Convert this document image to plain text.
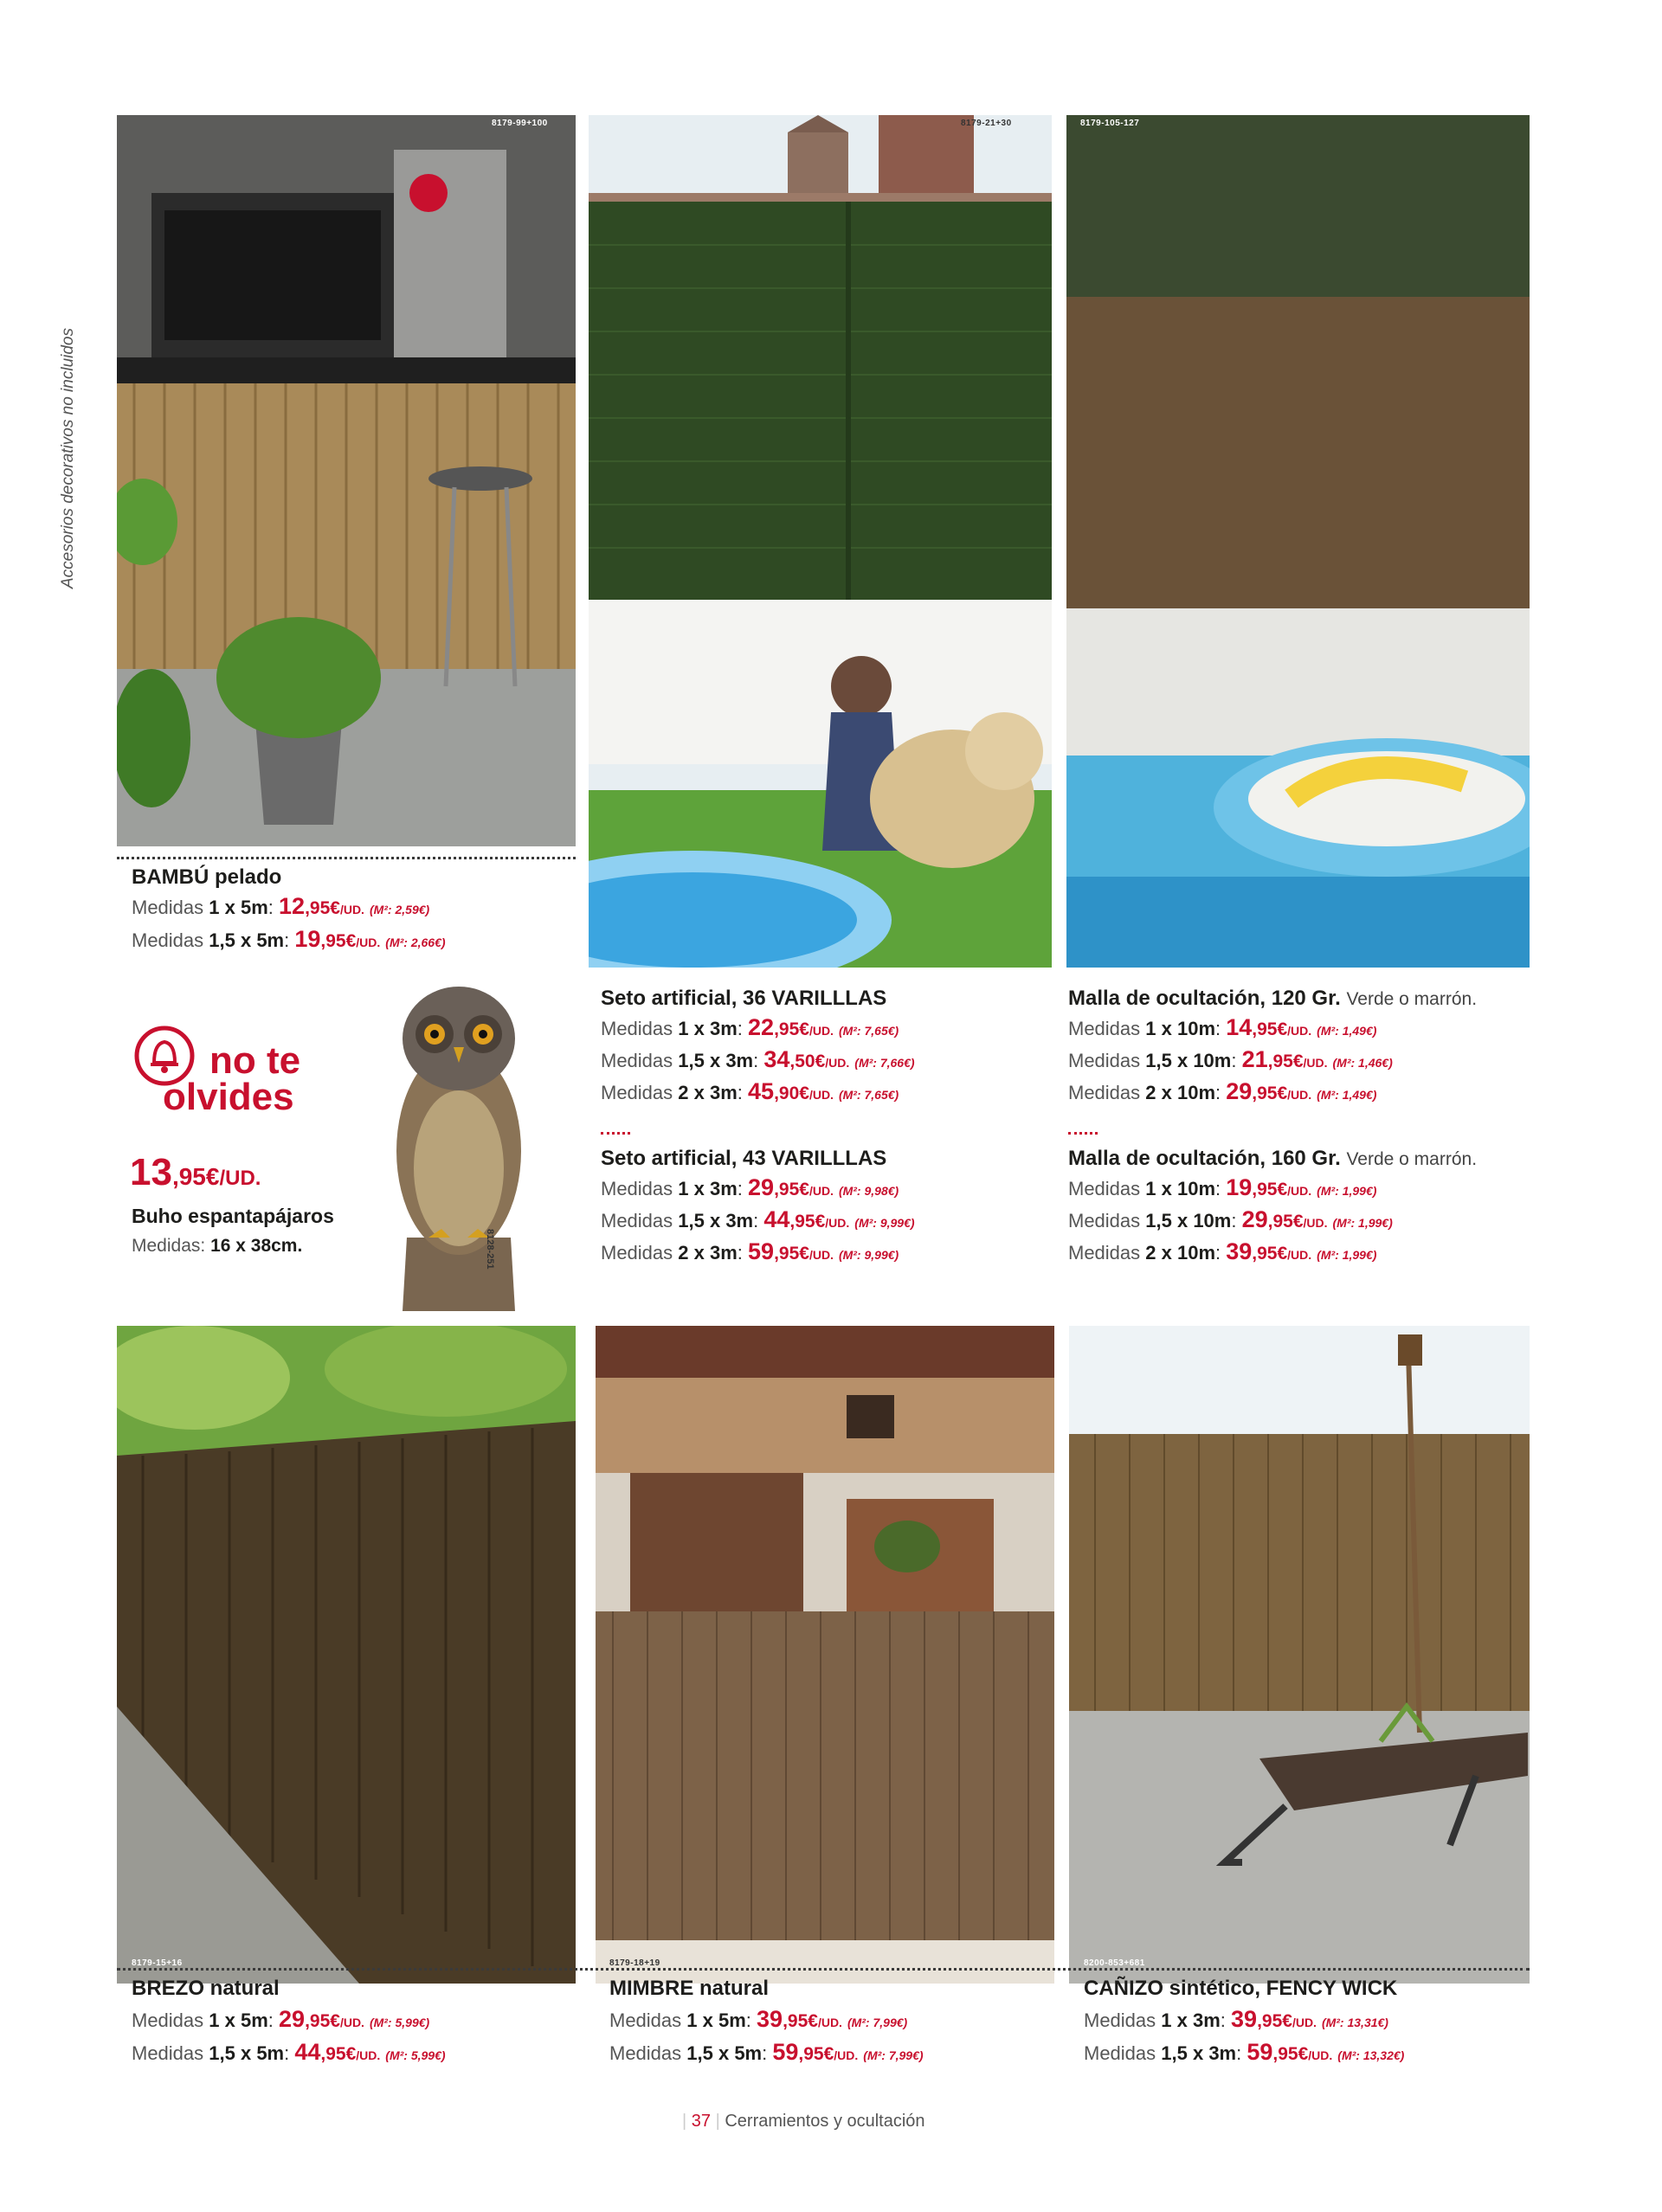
Accesorios decorativos no incluidos
8179-99+100	8179-21+30	8179-105-127
BAMBÚ pelado
Medidas 1 x 5m: 12,95€/UD. (M²: 2,59€)
Medidas 1,5 x 5m: 19,95€/UD. (M²: 2,66€)
no te
olvides
13,95€/UD.
Buho espantapájaros
Medidas: 16 x 38cm.	8128-251
Seto artificial, 36 VARILLLAS
Medidas 1 x 3m: 22,95€/UD. (M²: 7,65€)
Medidas 1,5 x 3m: 34,50€/UD. (M²: 7,66€)
Medidas 2 x 3m: 45,90€/UD. (M²: 7,65€)
Seto artificial, 43 VARILLLAS
Medidas 1 x 3m: 29,95€/UD. (M²: 9,98€)
Medidas 1,5 x 3m: 44,95€/UD. (M²: 9,99€)
Medidas 2 x 3m: 59,95€/UD. (M²: 9,99€)
Malla de ocultación, 120 Gr. Verde o marrón.
Medidas 1 x 10m: 14,95€/UD. (M²: 1,49€)
Medidas 1,5 x 10m: 21,95€/UD. (M²: 1,46€)
Medidas 2 x 10m: 29,95€/UD. (M²: 1,49€)
Malla de ocultación, 160 Gr. Verde o marrón.
Medidas 1 x 10m: 19,95€/UD. (M²: 1,99€)
Medidas 1,5 x 10m: 29,95€/UD. (M²: 1,99€)
Medidas 2 x 10m: 39,95€/UD. (M²: 1,99€)
8179-15+16	8179-18+19	8200-853+681
BREZO natural
Medidas 1 x 5m: 29,95€/UD. (M²: 5,99€)
Medidas 1,5 x 5m: 44,95€/UD. (M²: 5,99€)
MIMBRE natural
Medidas 1 x 5m: 39,95€/UD. (M²: 7,99€)
Medidas 1,5 x 5m: 59,95€/UD. (M²: 7,99€)
CAÑIZO sintético, FENCY WICK
Medidas 1 x 3m: 39,95€/UD. (M²: 13,31€)
Medidas 1,5 x 3m: 59,95€/UD. (M²: 13,32€)
| 37 | Cerramientos y ocultación
